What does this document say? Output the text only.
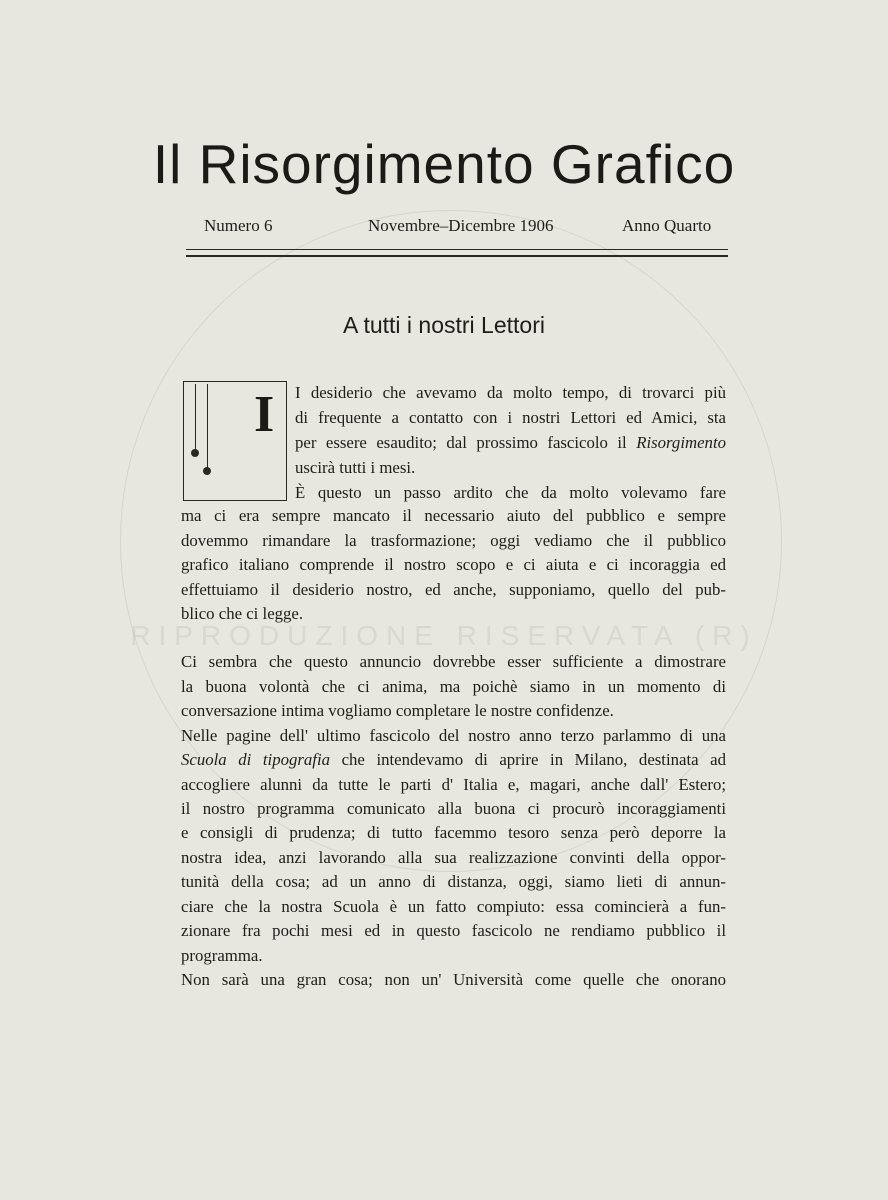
RIPRODUZIONE RISERVATA (R)
Il Risorgimento Grafico
Numero 6	Novembre–Dicembre 1906	Anno Quarto
A tutti i nostri Lettori
I I desiderio che avevamo da molto tempo, di trovarci più
di frequente a contatto con i nostri Lettori ed Amici, sta
per essere esaudito; dal prossimo fascicolo il Risorgimento
uscirà tutti i mesi.
È questo un passo ardito che da molto volevamo fare
ma ci era sempre mancato il necessario aiuto del pubblico e sempre
dovemmo rimandare la trasformazione; oggi vediamo che il pubblico
grafico italiano comprende il nostro scopo e ci aiuta e ci incoraggia ed
effettuiamo il desiderio nostro, ed anche, supponiamo, quello del pub-
blico che ci legge.
Ci sembra che questo annuncio dovrebbe esser sufficiente a dimostrare
la buona volontà che ci anima, ma poichè siamo in un momento di
conversazione intima vogliamo completare le nostre confidenze.
Nelle pagine dell' ultimo fascicolo del nostro anno terzo parlammo di una
Scuola di tipografia che intendevamo di aprire in Milano, destinata ad
accogliere alunni da tutte le parti d' Italia e, magari, anche dall' Estero;
il nostro programma comunicato alla buona ci procurò incoraggiamenti
e consigli di prudenza; di tutto facemmo tesoro senza però deporre la
nostra idea, anzi lavorando alla sua realizzazione convinti della oppor-
tunità della cosa; ad un anno di distanza, oggi, siamo lieti di annun-
ciare che la nostra Scuola è un fatto compiuto: essa comincierà a fun-
zionare fra pochi mesi ed in questo fascicolo ne rendiamo pubblico il
programma.
Non sarà una gran cosa; non un' Università come quelle che onorano
